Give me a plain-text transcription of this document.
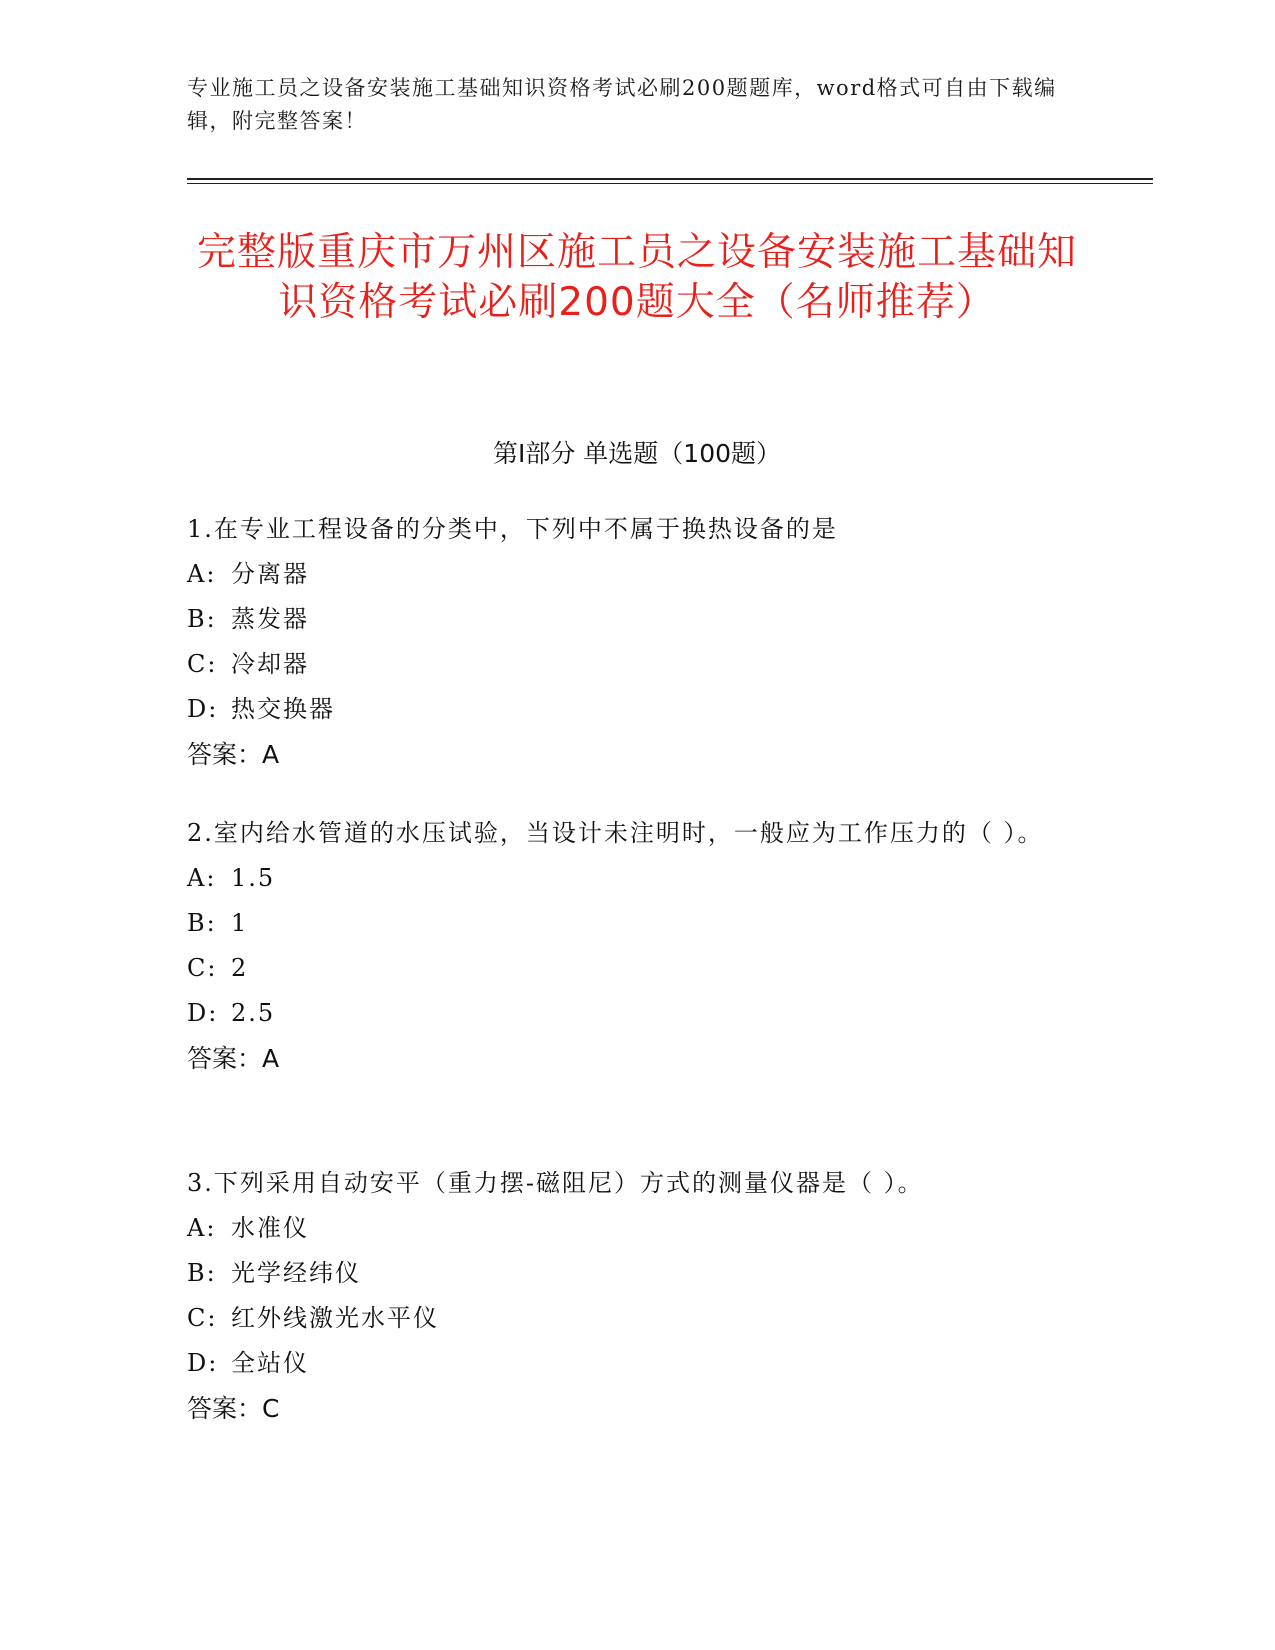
专业施工员之设备安装施工基础知识资格考试必刷200题题库，word格式可自由下载编辑，附完整答案！
完整版重庆市万州区施工员之设备安装施工基础知识资格考试必刷200题大全（名师推荐）
第I部分 单选题（100题）

1.在专业工程设备的分类中，下列中不属于换热设备的是

A: 分离器

B: 蒸发器

C: 冷却器

D: 热交换器

答案：A

2.室内给水管道的水压试验，当设计未注明时，一般应为工作压力的（ ）。

A: 1.5

B: 1

C: 2

D: 2.5

答案：A

3.下列采用自动安平（重力摆-磁阻尼）方式的测量仪器是（ ）。

A: 水准仪

B: 光学经纬仪

C: 红外线激光水平仪

D: 全站仪

答案：C
